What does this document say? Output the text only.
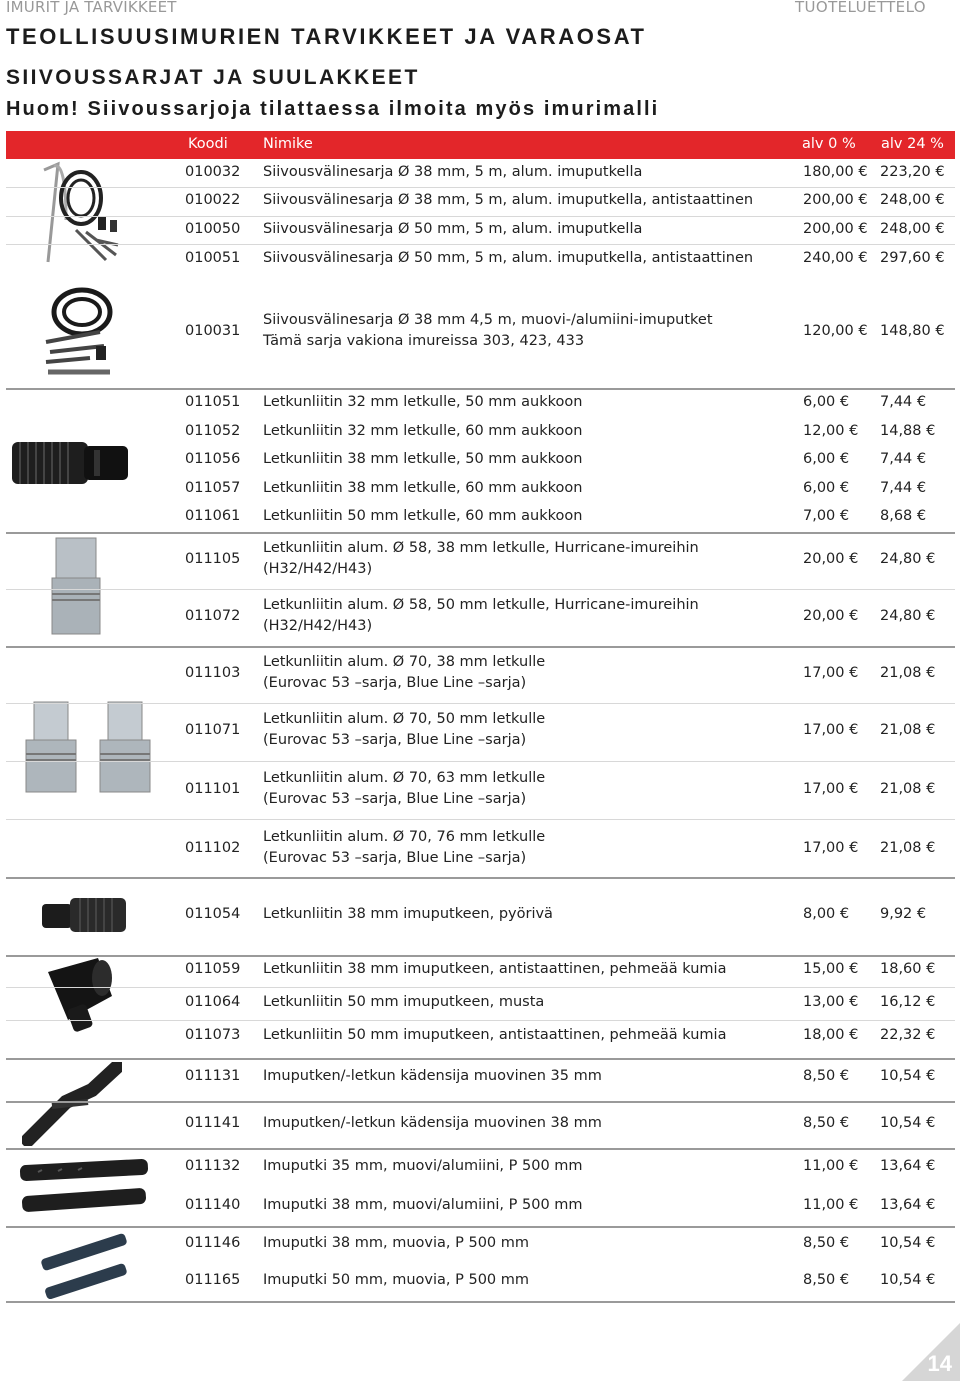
IMURIT JA TARVIKKEET	TUOTELUETTELO
TEOLLISUUSIMURIEN TARVIKKEET JA VARAOSAT
SIIVOUSSARJAT JA SUULAKKEET
Huom! Siivoussarjoja tilattaessa ilmoita myös imurimalli
Koodi Nimike	alv 0 % alv 24 %
010032 Siivousvälinesarja Ø 38 mm, 5 m, alum. imuputkella	180,00 € 223,20 €
010022 Siivousvälinesarja Ø 38 mm, 5 m, alum. imuputkella, antistaattinen	200,00 € 248,00 €
010050 Siivousvälinesarja Ø 50 mm, 5 m, alum. imuputkella	200,00 € 248,00 €
010051 Siivousvälinesarja Ø 50 mm, 5 m, alum. imuputkella, antistaattinen	240,00 € 297,60 €
010031
Siivousvälinesarja Ø 38 mm 4,5 m, muovi-/alumiini-imuputket
Tämä sarja vakiona imureissa 303, 423, 433
120,00 € 148,80 €
011051 Letkunliitin 32 mm letkulle, 50 mm aukkoon	6,00 € 7,44 €
011052 Letkunliitin 32 mm letkulle, 60 mm aukkoon	12,00 € 14,88 €
011056 Letkunliitin 38 mm letkulle, 50 mm aukkoon	6,00 € 7,44 €
011057 Letkunliitin 38 mm letkulle, 60 mm aukkoon	6,00 € 7,44 €
011061 Letkunliitin 50 mm letkulle, 60 mm aukkoon	7,00 € 8,68 €
011105
Letkunliitin alum. Ø 58, 38 mm letkulle, Hurricane-imureihin
(H32/H42/H43)
20,00 € 24,80 €
011072
Letkunliitin alum. Ø 58, 50 mm letkulle, Hurricane-imureihin
(H32/H42/H43)
20,00 € 24,80 €
011103
Letkunliitin alum. Ø 70, 38 mm letkulle
(Eurovac 53 –sarja, Blue Line –sarja)
17,00 € 21,08 €
011071
Letkunliitin alum. Ø 70, 50 mm letkulle
(Eurovac 53 –sarja, Blue Line –sarja)
17,00 € 21,08 €
011101
Letkunliitin alum. Ø 70, 63 mm letkulle
(Eurovac 53 –sarja, Blue Line –sarja)
17,00 € 21,08 €
011102
Letkunliitin alum. Ø 70, 76 mm letkulle
(Eurovac 53 –sarja, Blue Line –sarja)
17,00 € 21,08 €
011054 Letkunliitin 38 mm imuputkeen, pyörivä	8,00 € 9,92 €
011059 Letkunliitin 38 mm imuputkeen, antistaattinen, pehmeää kumia	15,00 € 18,60 €
011064 Letkunliitin 50 mm imuputkeen, musta	13,00 € 16,12 €
011073 Letkunliitin 50 mm imuputkeen, antistaattinen, pehmeää kumia	18,00 € 22,32 €
011131 Imuputken/-letkun kädensija muovinen 35 mm	8,50 € 10,54 €
011141 Imuputken/-letkun kädensija muovinen 38 mm	8,50 € 10,54 €
011132 Imuputki 35 mm, muovi/alumiini, P 500 mm	11,00 € 13,64 €
011140 Imuputki 38 mm, muovi/alumiini, P 500 mm	11,00 € 13,64 €
011146 Imuputki 38 mm, muovia, P 500 mm	8,50 € 10,54 €
011165 Imuputki 50 mm, muovia, P 500 mm	8,50 € 10,54 €
14
